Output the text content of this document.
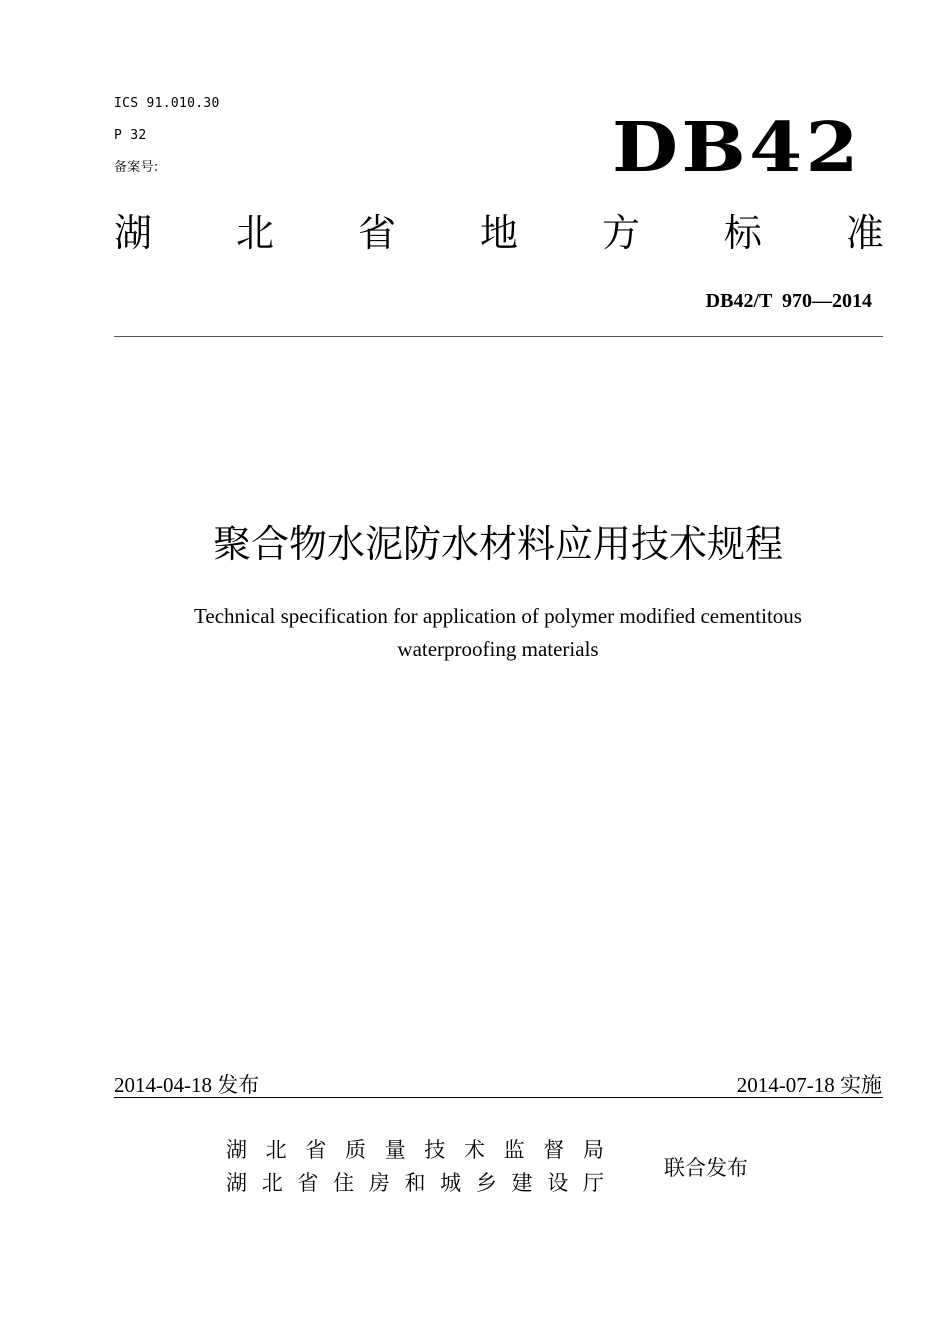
ICS 91.010.30
P 32
备案号:	DB42
湖 北 省 地 方 标 准
DB42/T  970—2014
聚合物水泥防水材料应用技术规程
Technical specification for application of polymer modified cementitous
waterproofing materials
2014-04-18 发布	2014-07-18 实施
湖 北 省 质 量 技 术 监 督 局
湖 北 省 住 房 和 城 乡 建 设 厅
联合发布
